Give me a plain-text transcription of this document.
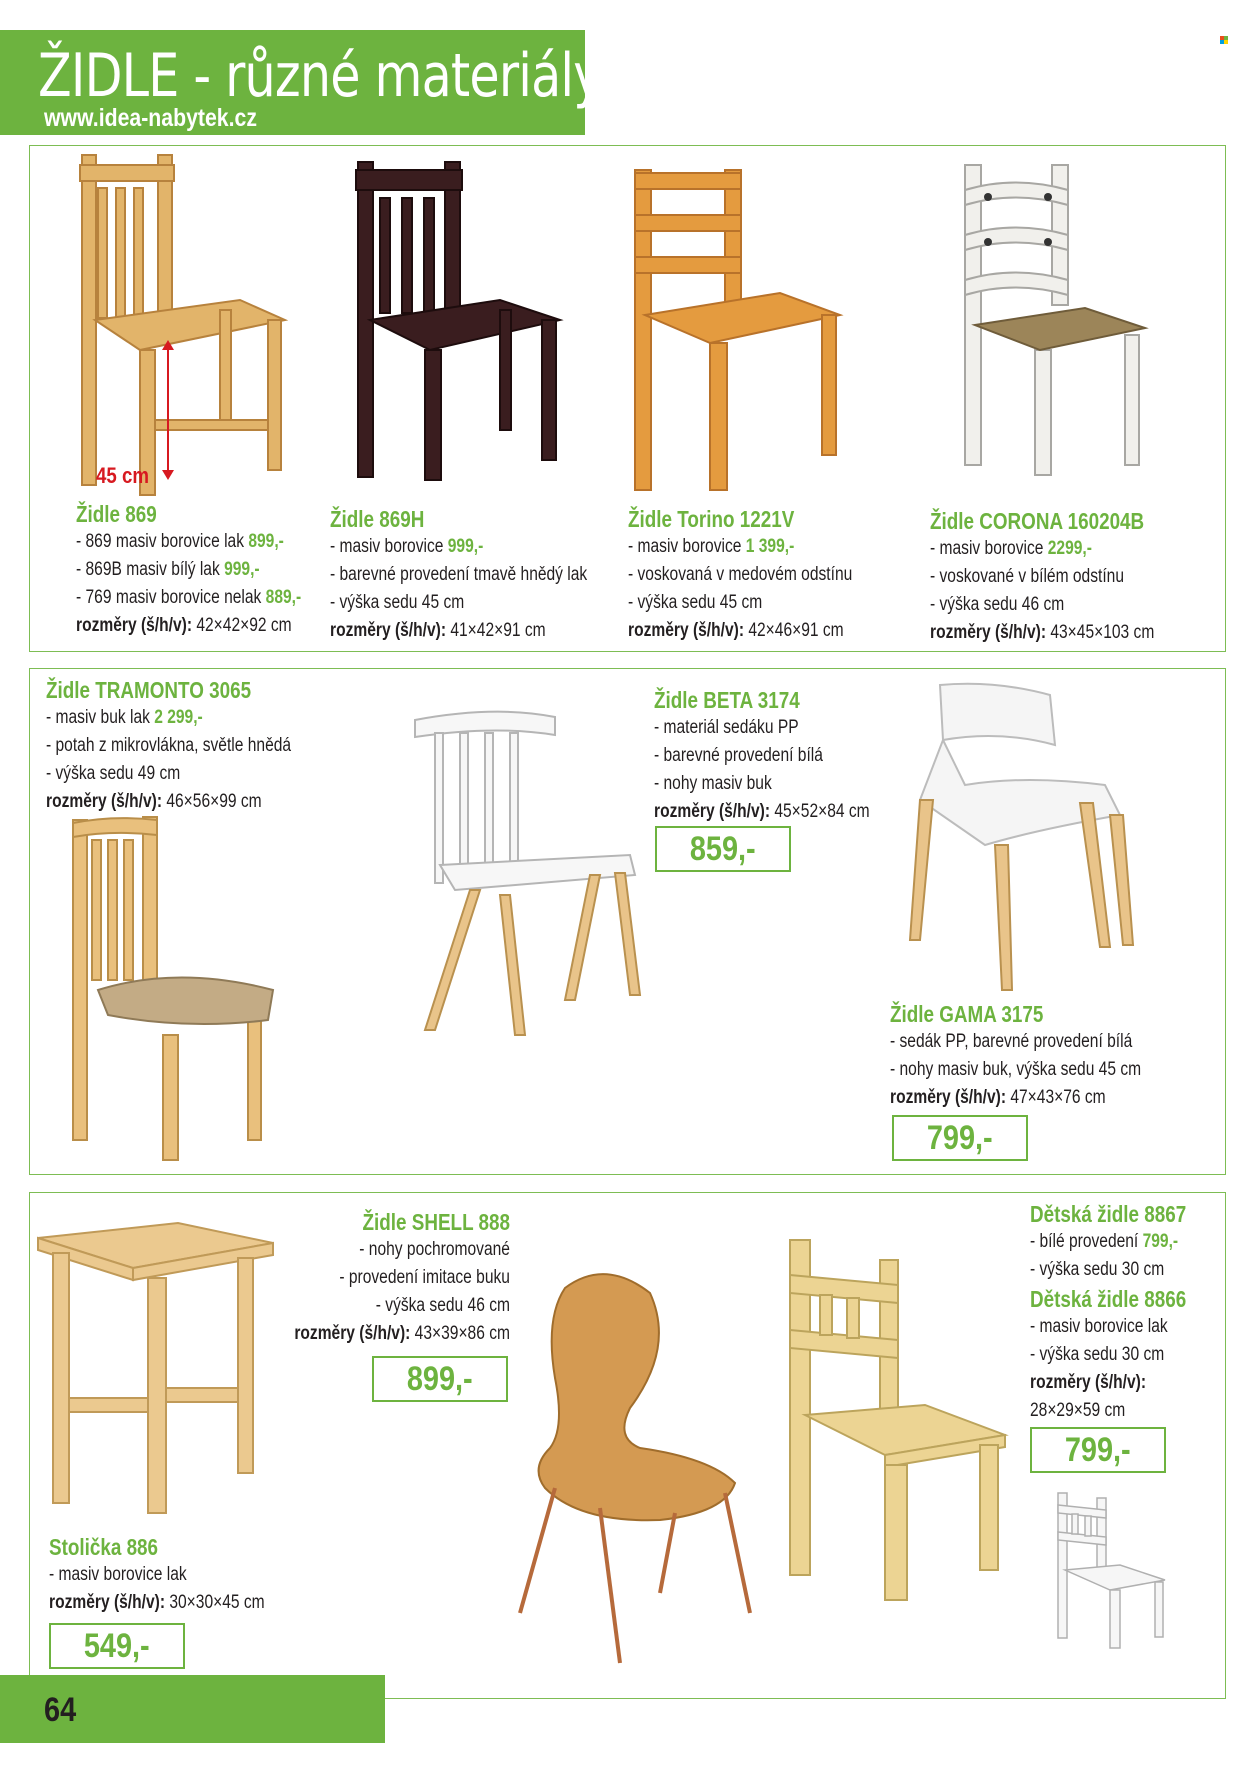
ŽIDLE - různé materiály
www.idea-nabytek.cz
45 cm
Židle 869
- 869 masiv borovice lak 899,-
- 869B masiv bílý lak 999,-
- 769 masiv borovice nelak 889,-
rozměry (š/h/v): 42×42×92 cm
Židle 869H
- masiv borovice 999,-
- barevné provedení tmavě hnědý lak
- výška sedu 45 cm
rozměry (š/h/v): 41×42×91 cm
Židle Torino 1221V
- masiv borovice 1 399,-
- voskovaná v medovém odstínu
- výška sedu 45 cm
rozměry (š/h/v): 42×46×91 cm
Židle CORONA 160204B
- masiv borovice 2299,-
- voskované v bílém odstínu
- výška sedu 46 cm
rozměry (š/h/v): 43×45×103 cm
Židle TRAMONTO 3065
- masiv buk lak 2 299,-
- potah z mikrovlákna, světle hnědá
- výška sedu 49 cm
rozměry (š/h/v): 46×56×99 cm
Židle BETA 3174
- materiál sedáku PP
- barevné provedení bílá
- nohy masiv buk
rozměry (š/h/v): 45×52×84 cm
859,-
Židle GAMA 3175
- sedák PP, barevné provedení bílá
- nohy masiv buk, výška sedu 45 cm
rozměry (š/h/v): 47×43×76 cm
799,-
Stolička 886
- masiv borovice lak
rozměry (š/h/v): 30×30×45 cm
549,-
Židle SHELL 888
- nohy pochromované
- provedení imitace buku
- výška sedu 46 cm
rozměry (š/h/v): 43×39×86 cm
899,-
Dětská židle 8867
- bílé provedení 799,-
- výška sedu 30 cm
Dětská židle 8866
- masiv borovice lak
- výška sedu 30 cm
rozměry (š/h/v):
28×29×59 cm
799,-
64
